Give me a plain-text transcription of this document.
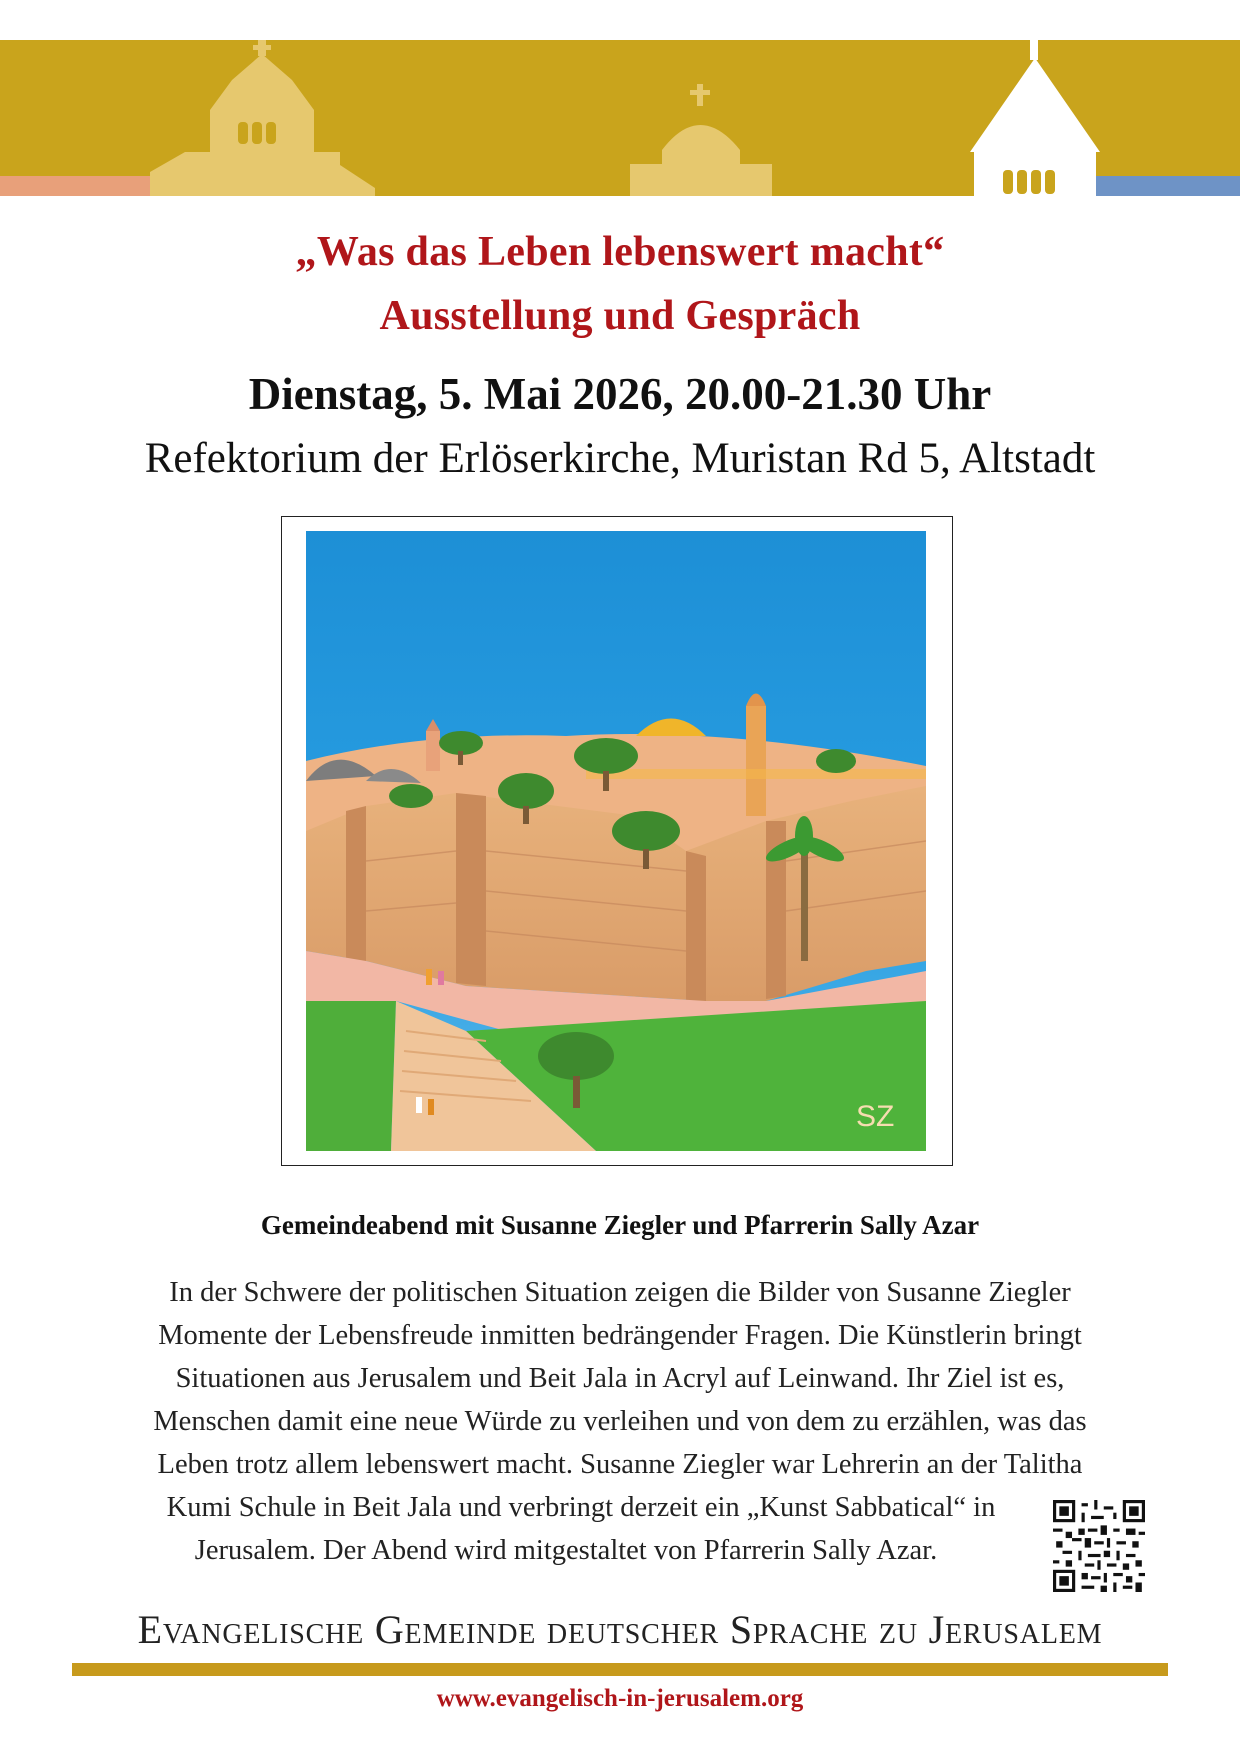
„Was das Leben lebenswert macht“
Ausstellung und Gespräch
Dienstag, 5. Mai 2026, 20.00-21.30 Uhr
Refektorium der Erlöserkirche, Muristan Rd 5, Altstadt
SZ
Gemeindeabend mit Susanne Ziegler und Pfarrerin Sally Azar
In der Schwere der politischen Situation zeigen die Bilder von Susanne Ziegler
Momente der Lebensfreude inmitten bedrängender Fragen. Die Künstlerin bringt
Situationen aus Jerusalem und Beit Jala in Acryl auf Leinwand. Ihr Ziel ist es,
Menschen damit eine neue Würde zu verleihen und von dem zu erzählen, was das
Leben trotz allem lebenswert macht. Susanne Ziegler war Lehrerin an der Talitha
Kumi Schule in Beit Jala und verbringt derzeit ein „Kunst Sabbatical“ in
Jerusalem. Der Abend wird mitgestaltet von Pfarrerin Sally Azar.
Evangelische Gemeinde deutscher Sprache zu Jerusalem
www.evangelisch-in-jerusalem.org
